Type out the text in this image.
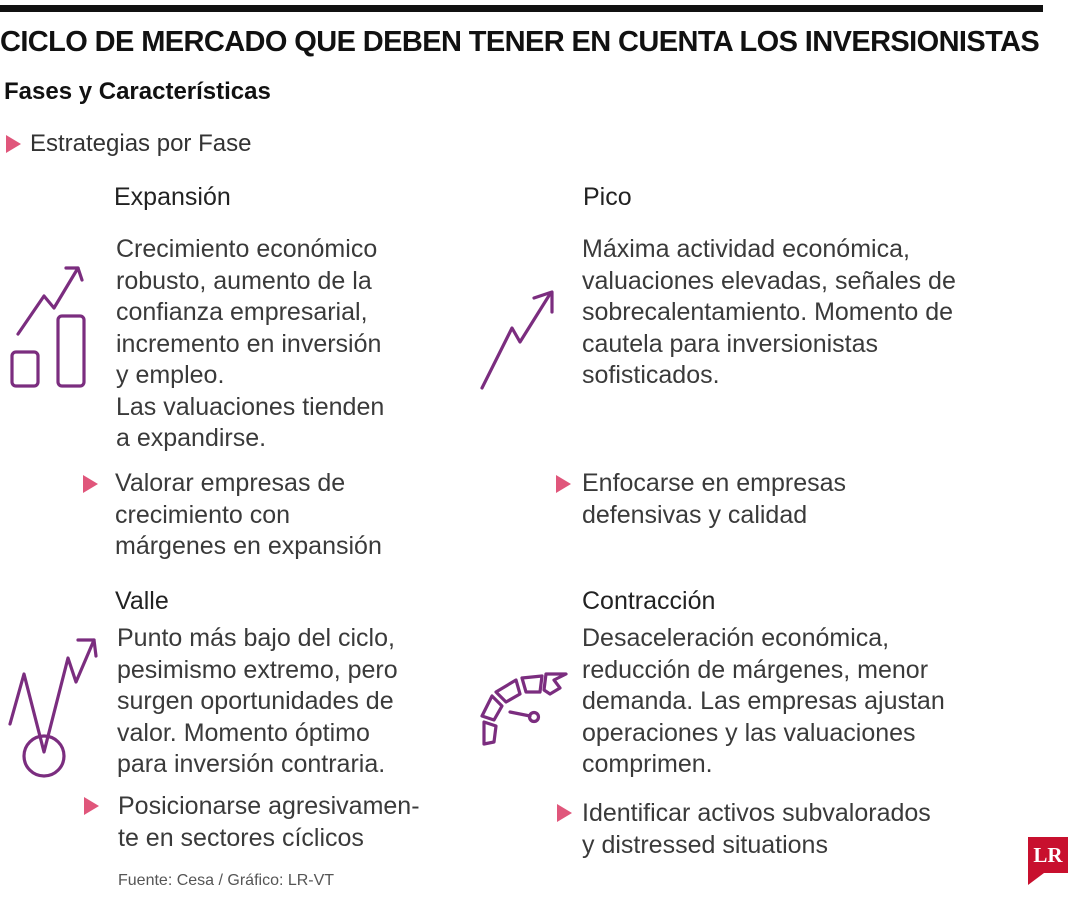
CICLO DE MERCADO QUE DEBEN TENER EN CUENTA LOS INVERSIONISTAS
Fases y Características
Estrategias por Fase
Expansión
Crecimiento económico
robusto, aumento de la
confianza empresarial,
incremento en inversión
y empleo.
Las valuaciones tienden
a expandirse.
Valorar empresas de
crecimiento con
márgenes en expansión
Pico
Máxima actividad económica,
valuaciones elevadas, señales de
sobrecalentamiento. Momento de
cautela para inversionistas
sofisticados.
Enfocarse en empresas
defensivas y calidad
Valle
Punto más bajo del ciclo,
pesimismo extremo, pero
surgen oportunidades de
valor. Momento óptimo
para inversión contraria.
Posicionarse agresivamen-
te en sectores cíclicos
Contracción
Desaceleración económica,
reducción de márgenes, menor
demanda. Las empresas ajustan
operaciones y las valuaciones
comprimen.
Identificar activos subvalorados
y distressed situations
Fuente: Cesa / Gráfico: LR-VT
LR
